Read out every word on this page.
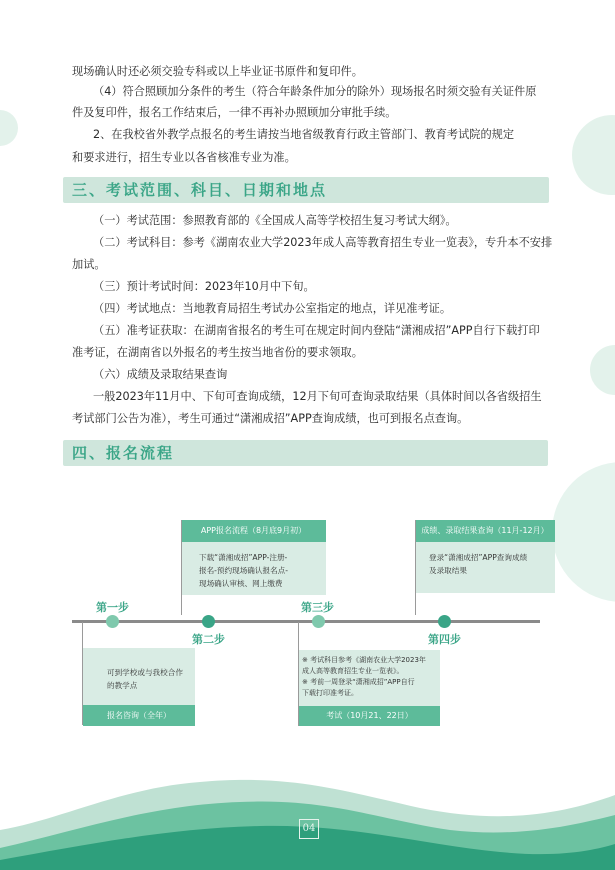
现场确认时还必须交验专科或以上毕业证书原件和复印件。
（4）符合照顾加分条件的考生（符合年龄条件加分的除外）现场报名时须交验有关证件原
件及复印件，报名工作结束后，一律不再补办照顾加分审批手续。
2、在我校省外教学点报名的考生请按当地省级教育行政主管部门、教育考试院的规定
和要求进行，招生专业以各省核准专业为准。
三、考试范围、科目、日期和地点
（一）考试范围：参照教育部的《全国成人高等学校招生复习考试大纲》。
（二）考试科目：参考《湖南农业大学2023年成人高等教育招生专业一览表》，专升本不安排
加试。
（三）预计考试时间：2023年10月中下旬。
（四）考试地点：当地教育局招生考试办公室指定的地点，详见准考证。
（五）准考证获取：在湖南省报名的考生可在规定时间内登陆“潇湘成招”APP自行下载打印
准考证，在湖南省以外报名的考生按当地省份的要求领取。
（六）成绩及录取结果查询
一般2023年11月中、下旬可查询成绩，12月下旬可查询录取结果（具体时间以各省级招生
考试部门公告为准），考生可通过“潇湘成招”APP查询成绩，也可到报名点查询。
四、报名流程
APP报名流程（8月底9月初）
下载“潇湘成招”APP-注册-
报名-预约现场确认报名点-
现场确认审核、网上缴费
成绩、录取结果查询（11月-12月）
登录“潇湘成招”APP查询成绩
及录取结果
第一步	第三步
第二步	第四步
可到学校或与我校合作
的教学点
报名咨询（全年）
※ 考试科目参考《湖南农业大学2023年
成人高等教育招生专业一览表》。
※ 考前一周登录“潇湘成招”APP自行
下载打印准考证。
考试（10月21、22日）
04
